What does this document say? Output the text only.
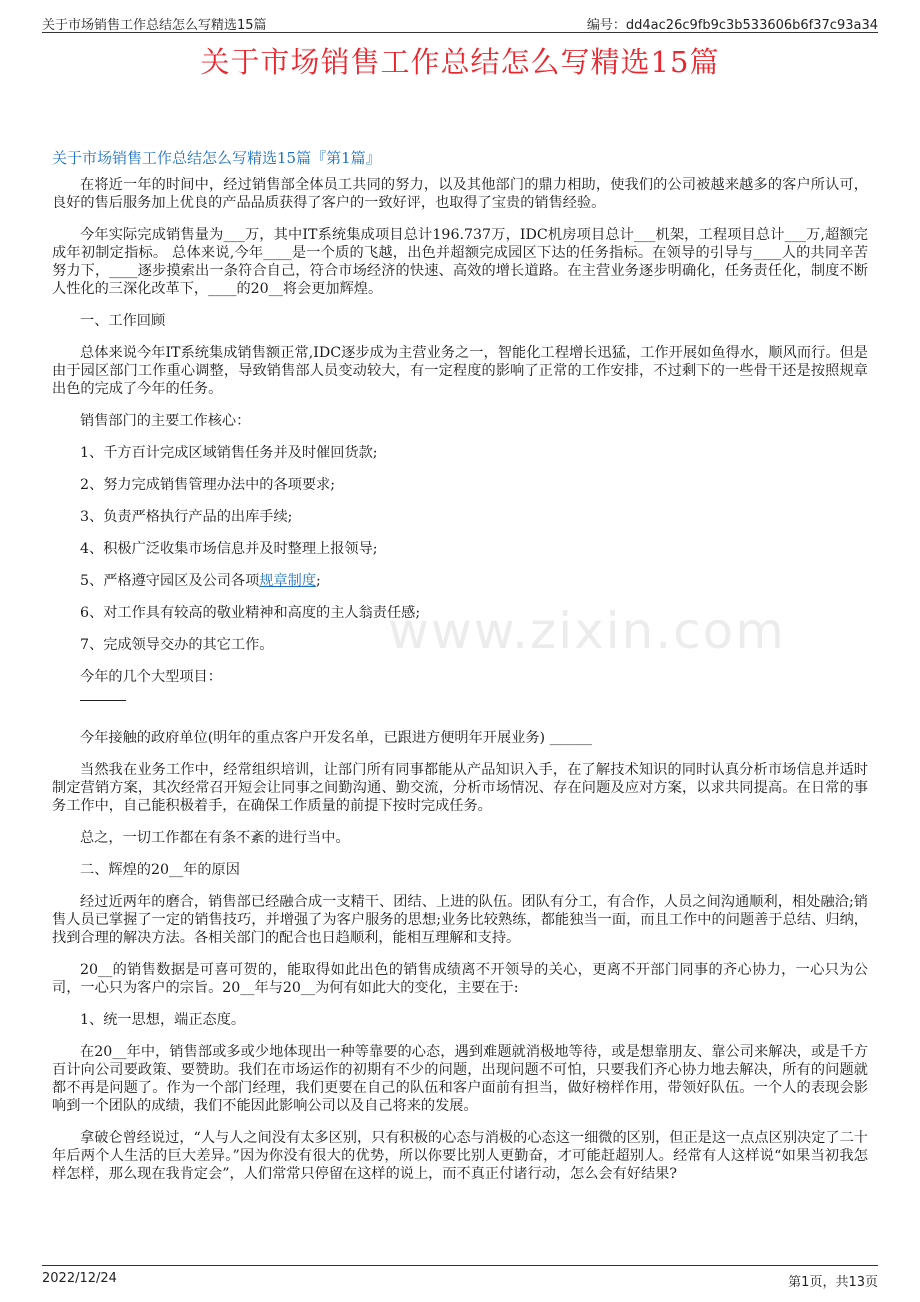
关于市场销售工作总结怎么写精选15篇	编号：dd4ac26c9fb9c3b533606b6f37c93a34
关于市场销售工作总结怎么写精选15篇
关于市场销售工作总结怎么写精选15篇『第1篇』

在将近一年的时间中，经过销售部全体员工共同的努力，以及其他部门的鼎力相助，使我们的公司被越来越多的客户所认可，良好的售后服务加上优良的产品品质获得了客户的一致好评，也取得了宝贵的销售经验。

今年实际完成销售量为___万，其中IT系统集成项目总计196.737万，IDC机房项目总计___机架，工程项目总计___万,超额完成年初制定指标。 总体来说,今年____是一个质的飞越，出色并超额完成园区下达的任务指标。在领导的引导与____人的共同辛苦努力下，____逐步摸索出一条符合自己，符合市场经济的快速、高效的增长道路。在主营业务逐步明确化，任务责任化，制度不断人性化的三深化改革下，____的20__将会更加辉煌。

一、工作回顾

总体来说今年IT系统集成销售额正常,IDC逐步成为主营业务之一，智能化工程增长迅猛，工作开展如鱼得水，顺风而行。但是由于园区部门工作重心调整，导致销售部人员变动较大，有一定程度的影响了正常的工作安排，不过剩下的一些骨干还是按照规章出色的完成了今年的任务。

销售部门的主要工作核心：

1、千方百计完成区域销售任务并及时催回货款;

2、努力完成销售管理办法中的各项要求;

3、负责严格执行产品的出库手续;

4、积极广泛收集市场信息并及时整理上报领导;

5、严格遵守园区及公司各项规章制度;

6、对工作具有较高的敬业精神和高度的主人翁责任感;

7、完成领导交办的其它工作。

今年的几个大型项目：

今年接触的政府单位(明年的重点客户开发名单，已跟进方便明年开展业务) ______

当然我在业务工作中，经常组织培训，让部门所有同事都能从产品知识入手，在了解技术知识的同时认真分析市场信息并适时制定营销方案，其次经常召开短会让同事之间勤沟通、勤交流，分析市场情况、存在问题及应对方案，以求共同提高。在日常的事务工作中，自己能积极着手，在确保工作质量的前提下按时完成任务。

总之，一切工作都在有条不紊的进行当中。

二、辉煌的20__年的原因

经过近两年的磨合，销售部已经融合成一支精干、团结、上进的队伍。团队有分工，有合作，人员之间沟通顺利，相处融洽;销售人员已掌握了一定的销售技巧，并增强了为客户服务的思想;业务比较熟练，都能独当一面，而且工作中的问题善于总结、归纳，找到合理的解决方法。各相关部门的配合也日趋顺利，能相互理解和支持。

20__的销售数据是可喜可贺的，能取得如此出色的销售成绩离不开领导的关心，更离不开部门同事的齐心协力，一心只为公司，一心只为客户的宗旨。20__年与20__为何有如此大的变化，主要在于:

1、统一思想，端正态度。

在20__年中，销售部或多或少地体现出一种等靠要的心态，遇到难题就消极地等待，或是想靠朋友、靠公司来解决，或是千方百计向公司要政策、要赞助。我们在市场运作的初期有不少的问题，出现问题不可怕，只要我们齐心协力地去解决，所有的问题就都不再是问题了。作为一个部门经理，我们更要在自己的队伍和客户面前有担当，做好榜样作用，带领好队伍。一个人的表现会影响到一个团队的成绩，我们不能因此影响公司以及自己将来的发展。

拿破仑曾经说过，“人与人之间没有太多区别，只有积极的心态与消极的心态这一细微的区别，但正是这一点点区别决定了二十年后两个人生活的巨大差异。”因为你没有很大的优势，所以你要比别人更勤奋，才可能赶超别人。经常有人这样说“如果当初我怎样怎样，那么现在我肯定会”，人们常常只停留在这样的说上，而不真正付诸行动，怎么会有好结果?

www.zixin.com
2022/12/24	第1页，共13页
